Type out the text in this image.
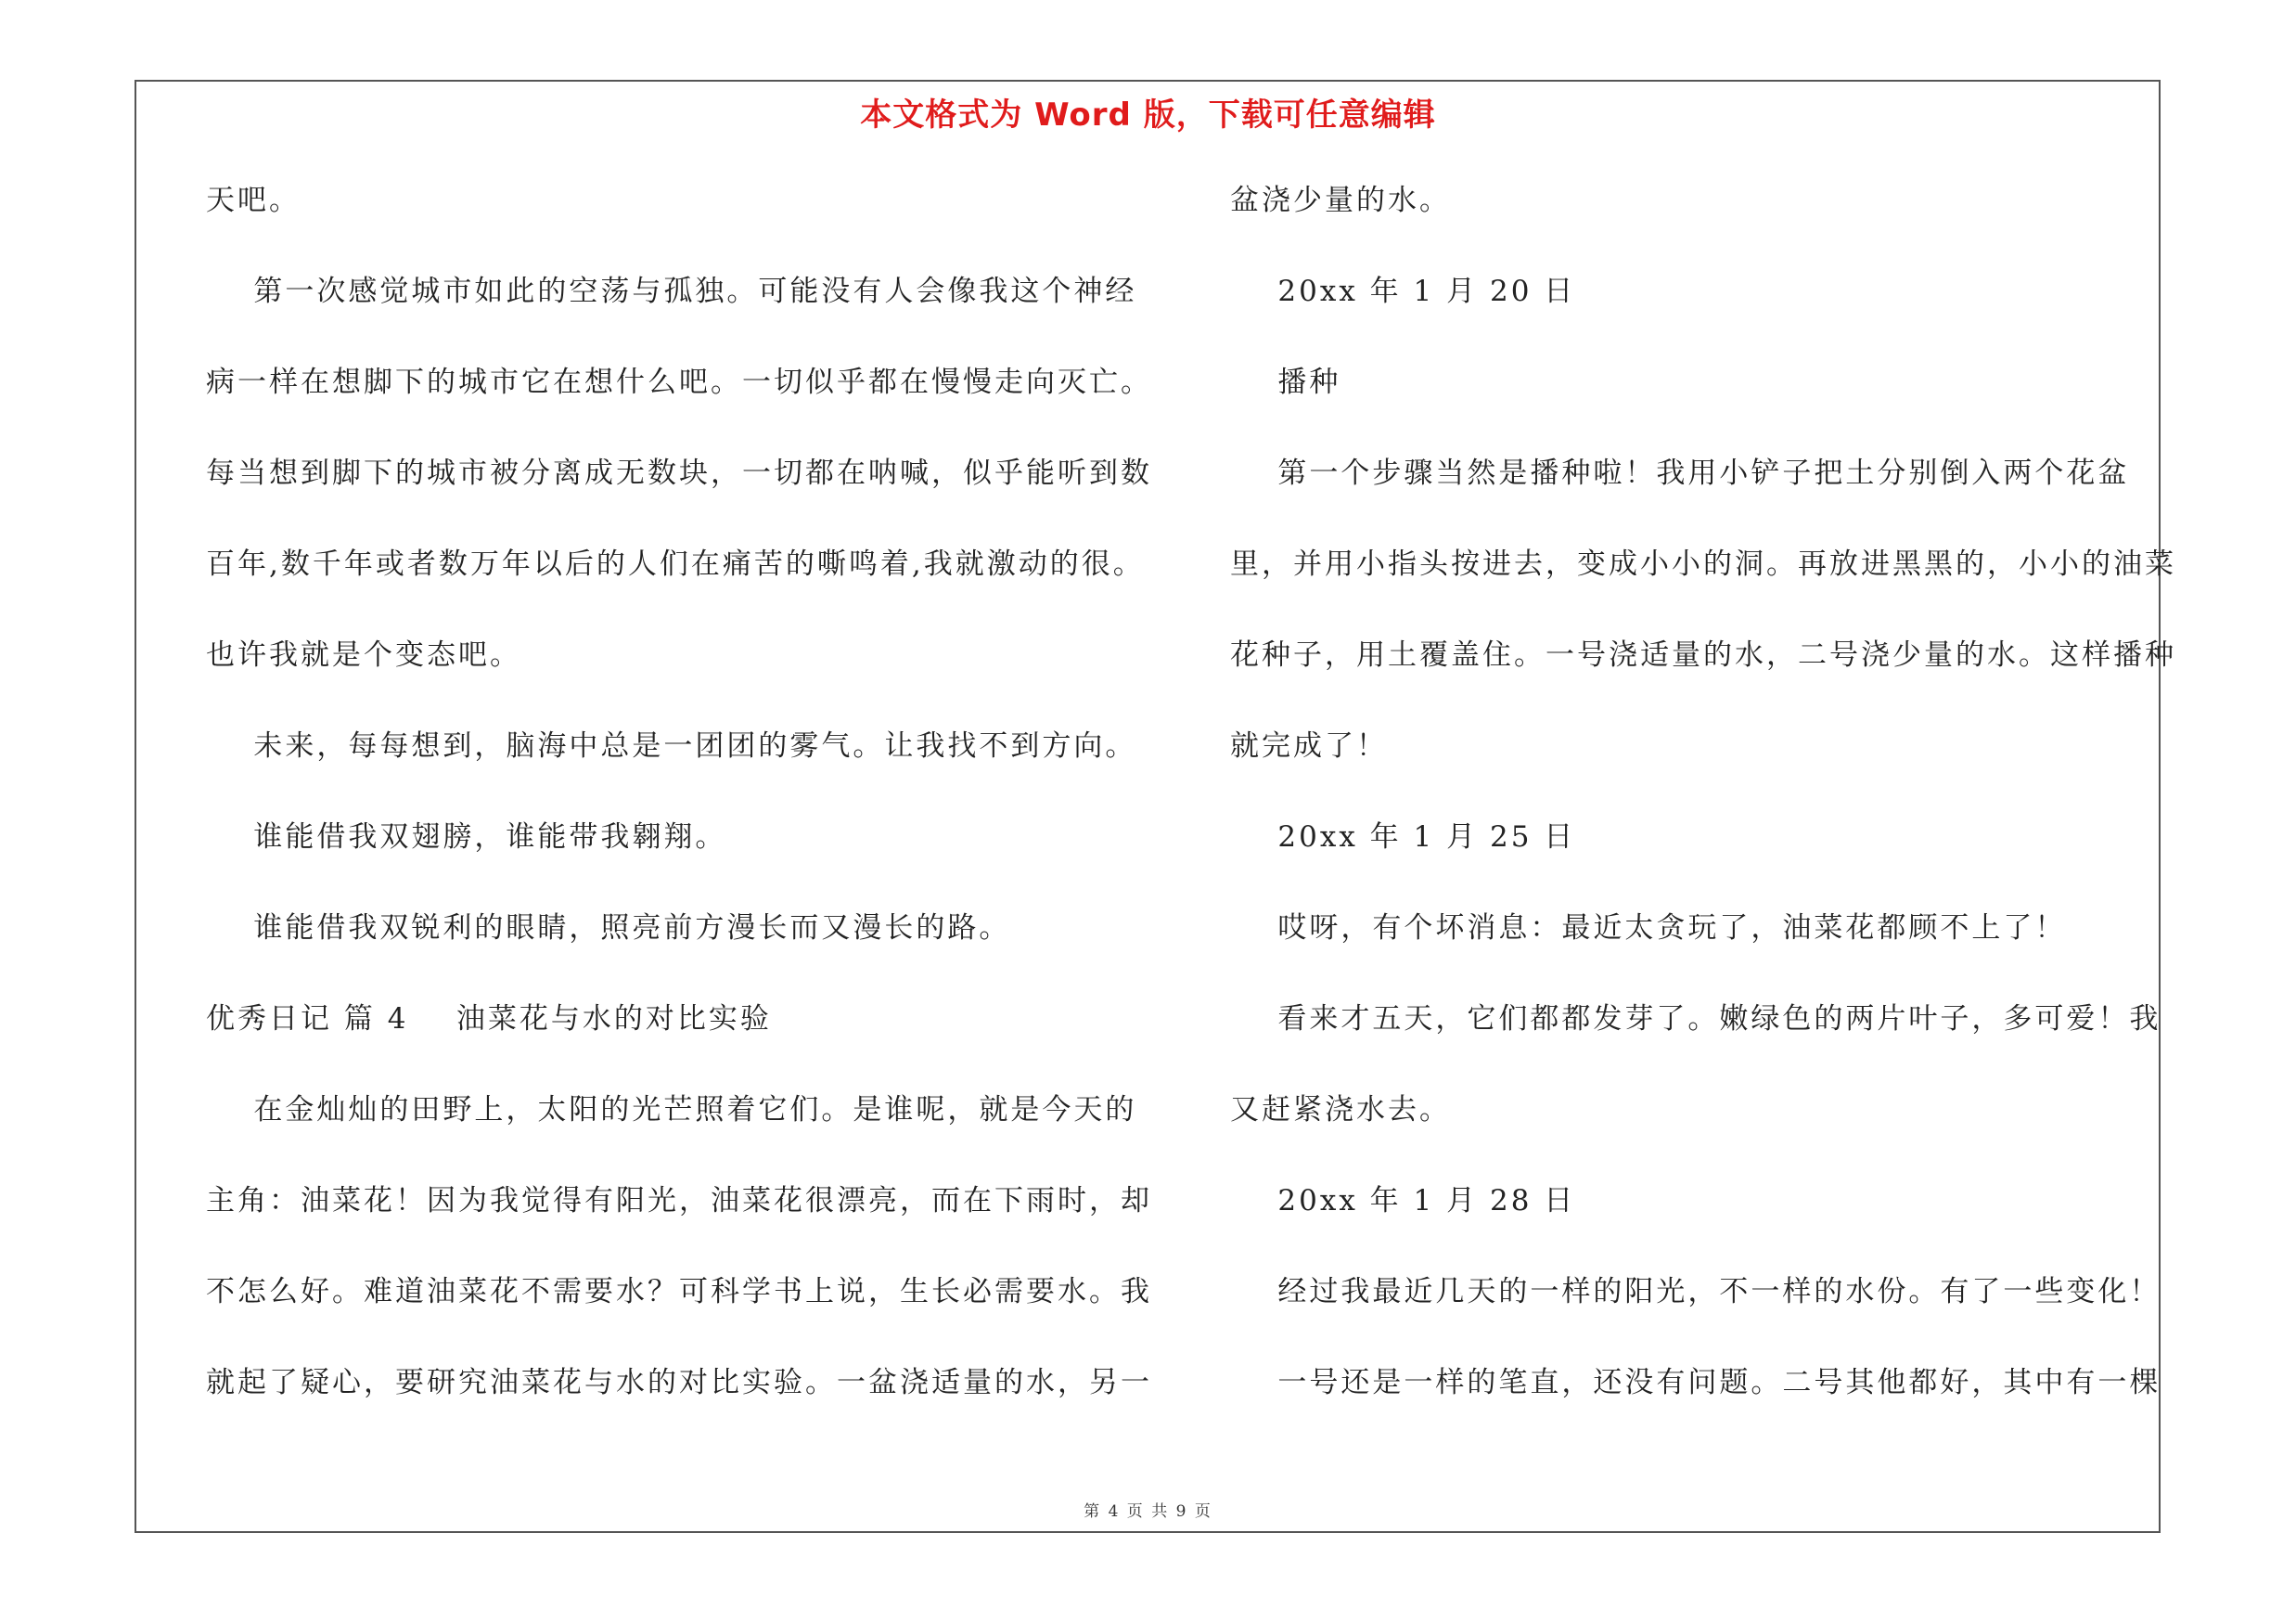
本文格式为 Word 版，下载可任意编辑
天吧。
第一次感觉城市如此的空荡与孤独。可能没有人会像我这个神经
病一样在想脚下的城市它在想什么吧。一切似乎都在慢慢走向灭亡。
每当想到脚下的城市被分离成无数块，一切都在呐喊，似乎能听到数
百年,数千年或者数万年以后的人们在痛苦的嘶鸣着,我就激动的很。
也许我就是个变态吧。
未来，每每想到，脑海中总是一团团的雾气。让我找不到方向。
谁能借我双翅膀，谁能带我翱翔。
谁能借我双锐利的眼睛，照亮前方漫长而又漫长的路。
优秀日记 篇 4    油菜花与水的对比实验
在金灿灿的田野上，太阳的光芒照着它们。是谁呢，就是今天的
主角：油菜花！因为我觉得有阳光，油菜花很漂亮，而在下雨时，却
不怎么好。难道油菜花不需要水？可科学书上说，生长必需要水。我
就起了疑心，要研究油菜花与水的对比实验。一盆浇适量的水，另一
盆浇少量的水。
20xx 年 1 月 20 日
播种
第一个步骤当然是播种啦！我用小铲子把土分别倒入两个花盆
里，并用小指头按进去，变成小小的洞。再放进黑黑的，小小的油菜
花种子，用土覆盖住。一号浇适量的水，二号浇少量的水。这样播种
就完成了！
20xx 年 1 月 25 日
哎呀，有个坏消息：最近太贪玩了，油菜花都顾不上了！
看来才五天，它们都都发芽了。嫩绿色的两片叶子，多可爱！我
又赶紧浇水去。
20xx 年 1 月 28 日
经过我最近几天的一样的阳光，不一样的水份。有了一些变化！
一号还是一样的笔直，还没有问题。二号其他都好，其中有一棵
第 4 页 共 9 页
